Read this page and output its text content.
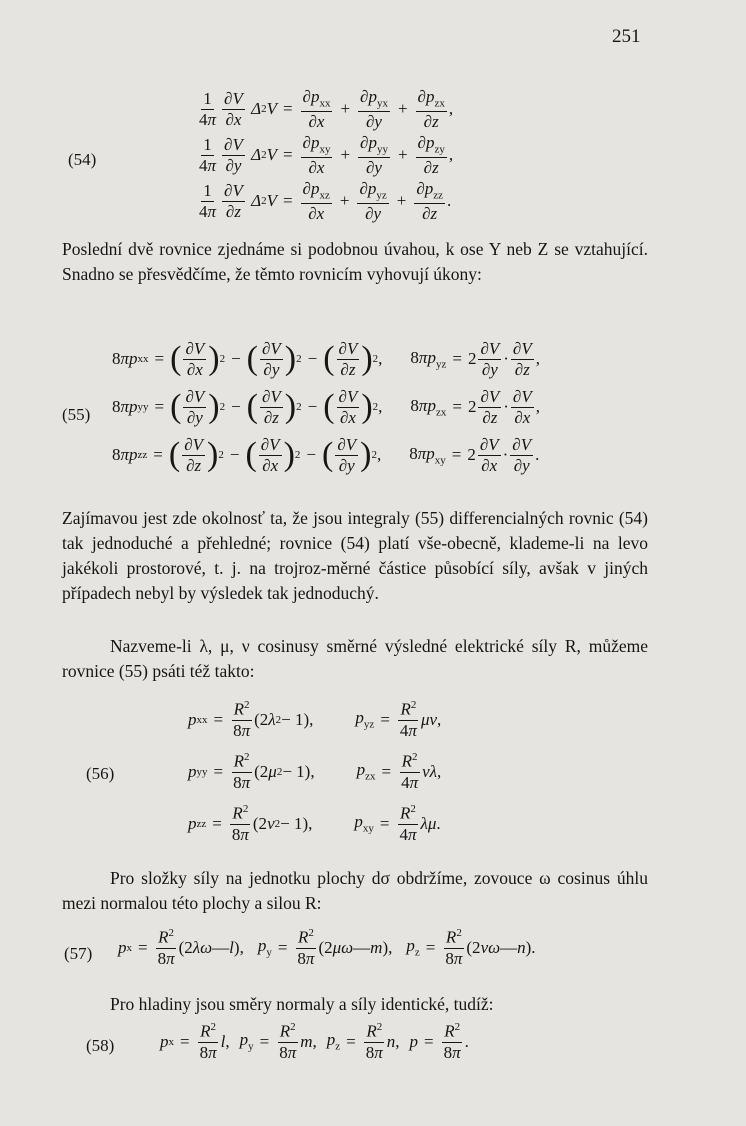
251
(54)
$\frac{1}{4\pi} \frac{\partial V}{\partial x}$ Δ 2 $V = \frac{\partial p_{xx}}{\partial x} + \frac{\partial p_{yx}}{\partial y} + \frac{\partial p_{zx}}{\partial z}$ ,
$\frac{1}{4\pi} \frac{\partial V}{\partial y}$ Δ 2 $V = \frac{\partial p_{xy}}{\partial x} + \frac{\partial p_{yy}}{\partial y} + \frac{\partial p_{zy}}{\partial z}$ ,
$\frac{1}{4\pi} \frac{\partial V}{\partial z}$ Δ 2 $V = \frac{\partial p_{xz}}{\partial x} + \frac{\partial p_{yz}}{\partial y} + \frac{\partial p_{zz}}{\partial z}$ .
Poslední dvě rovnice zjednáme si podobnou úvahou, k ose Y neb Z se vztahující. Snadno se přesvědčíme, že těmto rovnicím vyhovují úkony:
(55)
8 πp xx = ( $\frac{\partial V}{\partial x}$ ) 2 − ( $\frac{\partial V}{\partial y}$ ) 2 − ( $\frac{\partial V}{\partial z}$ ) 2 , $8\pi p_{yz} = 2 \frac{\partial V}{\partial y} \cdot \frac{\partial V}{\partial z}$ ,
8 πp yy = ( $\frac{\partial V}{\partial y}$ ) 2 − ( $\frac{\partial V}{\partial z}$ ) 2 − ( $\frac{\partial V}{\partial x}$ ) 2 , $8\pi p_{zx} = 2 \frac{\partial V}{\partial z} \cdot \frac{\partial V}{\partial x}$ ,
8 πp zz = ( $\frac{\partial V}{\partial z}$ ) 2 − ( $\frac{\partial V}{\partial x}$ ) 2 − ( $\frac{\partial V}{\partial y}$ ) 2 , $8\pi p_{xy} = 2 \frac{\partial V}{\partial x} \cdot \frac{\partial V}{\partial y}$ .
Zajímavou jest zde okolnosť ta, že jsou integraly (55) differencialných rovnic (54) tak jednoduché a přehledné; rovnice (54) platí vše-obecně, klademe-li na levo jakékoli prostorové, t. j. na trojroz-měrné částice působící síly, avšak v jiných případech nebyl by výsledek tak jednoduchý.
Nazveme-li λ, μ, ν cosinusy směrné výsledné elektrické síly R, můžeme rovnice (55) psáti též takto:
(56)
p xx = $\frac{R^2}{8\pi} (2$ λ 2 − 1), $p_{yz} = \frac{R^2}{4\pi}$ μν ,
p yy = $\frac{R^2}{8\pi} (2$ μ 2 − 1), $p_{zx} = \frac{R^2}{4\pi}$ νλ ,
p zz = $\frac{R^2}{8\pi} (2$ ν 2 − 1), $p_{xy} = \frac{R^2}{4\pi}$ λμ .
Pro složky síly na jednotku plochy dσ obdržíme, zovouce ω cosinus úhlu mezi normalou této plochy a silou R:
(57) p $x = \frac{R^2}{8\pi} (2$ λω — l ), $p_y = \frac{R^2}{8\pi} (2$ μω — m ), $p_z = \frac{R^2}{8\pi} (2$ νω — n ).
Pro hladiny jsou směry normaly a síly identické, tudíž:
(58)	p $x = \frac{R^2}{8\pi}$ l , $p_y = \frac{R^2}{8\pi}$ m , $p_z = \frac{R^2}{8\pi}$ n , $p = \frac{R^2}{8\pi}$ .
